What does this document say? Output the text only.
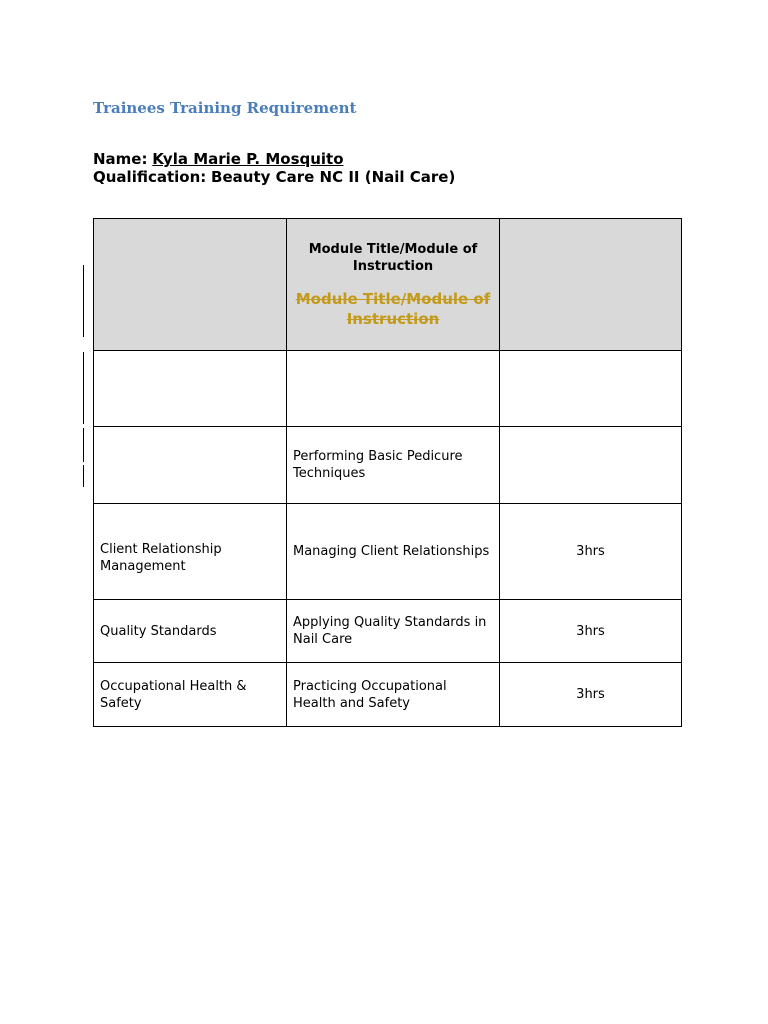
Trainees Training Requirement
Name: Kyla Marie P. Mosquito
Qualification: Beauty Care NC II (Nail Care)

	Module Title/Module of Instruction
Module Title/Module of Instruction	

	Performing Basic Pedicure Techniques	

Client Relationship Management	Managing Client Relationships	3hrs

Quality Standards	Applying Quality Standards in Nail Care	3hrs

Occupational Health & Safety	Practicing Occupational Health and Safety	3hrs
